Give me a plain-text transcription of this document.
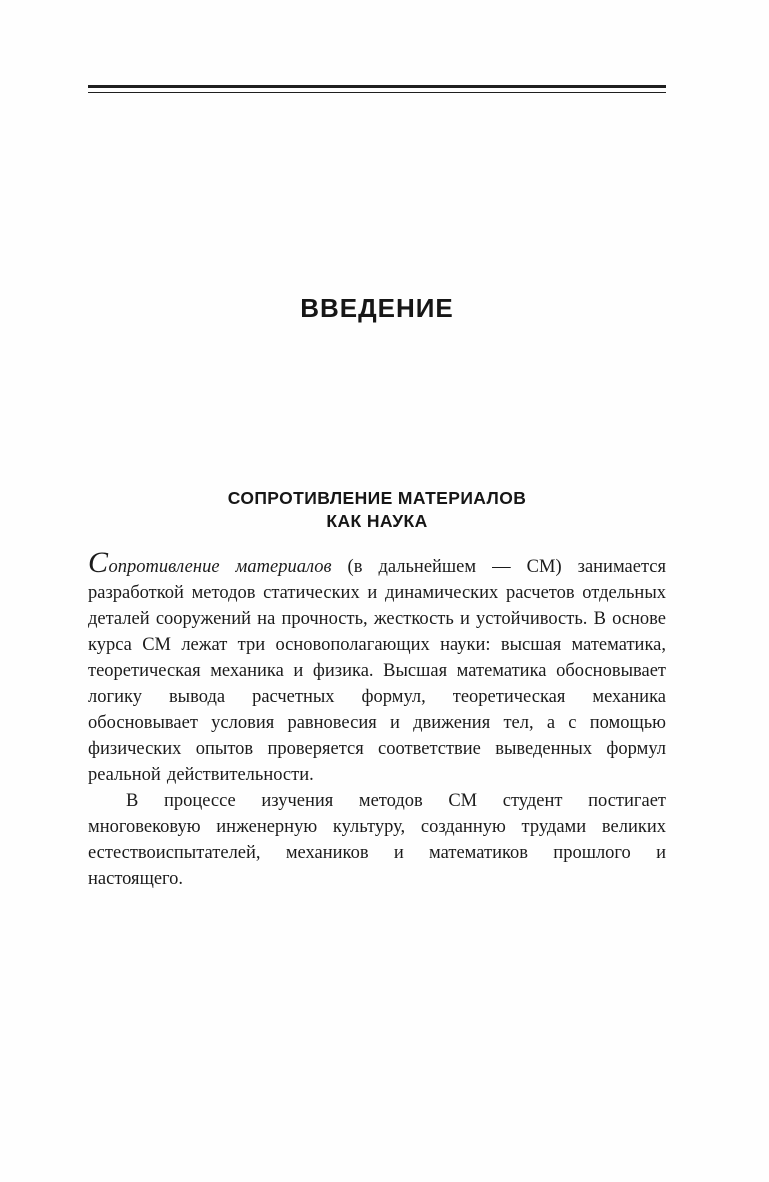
ВВЕДЕНИЕ
СОПРОТИВЛЕНИЕ МАТЕРИАЛОВ
КАК НАУКА

Сопротивление материалов (в дальнейшем — СМ) занимается разработкой методов статических и динамических расчетов отдельных деталей сооружений на прочность, жесткость и устойчивость. В основе курса СМ лежат три основополагающих науки: высшая математика, теоретическая механика и физика. Высшая математика обосновывает логику вывода расчетных формул, теоретическая механика обосновывает условия равновесия и движения тел, а с помощью физических опытов проверяется соответствие выведенных формул реальной действительности.

В процессе изучения методов СМ студент постигает многовековую инженерную культуру, созданную трудами великих естествоиспытателей, механиков и математиков прошлого и настоящего.
